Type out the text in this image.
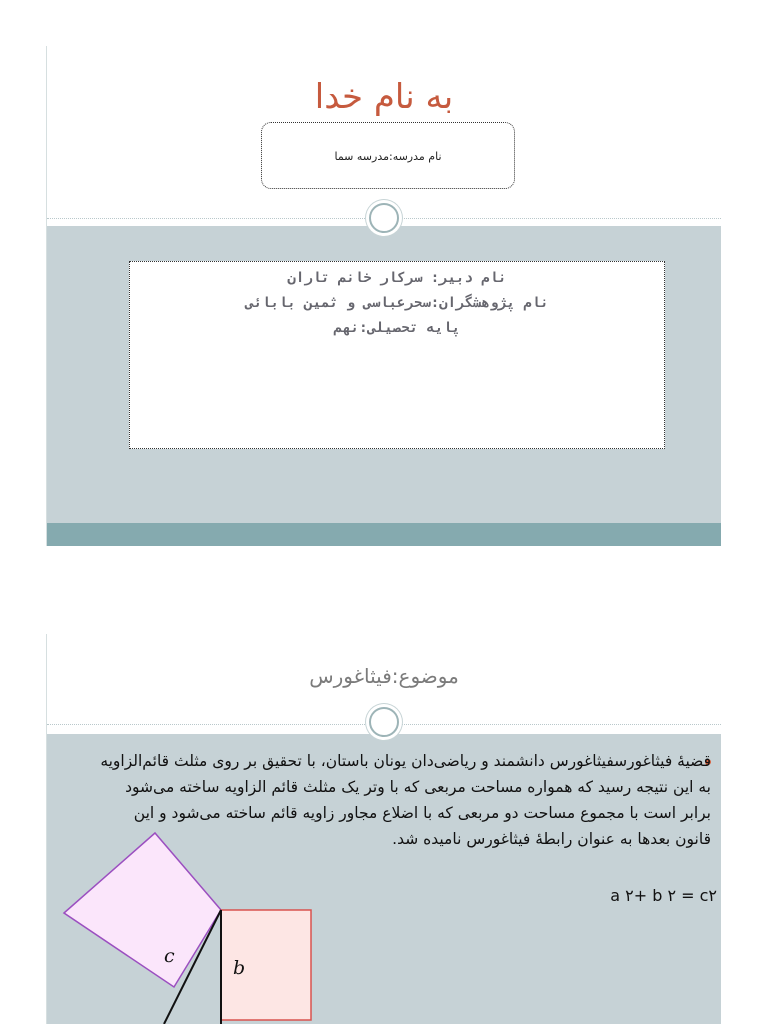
به نام خدا
نام مدرسه:مدرسه سما
نام دبیر: سرکار خانم تاران
نام پژوهشگران:سحرعباسی و ثمین بابائی
پایه تحصیلی:نهم
موضوع:فیثاغورس
c
b
قضیهٔ فیثاغورسفیثاغورس دانشمند و ریاضی‌دان یونان باستان، با تحقیق بر روی مثلث قائم‌الزاویه به این نتیجه رسید که همواره مساحت مربعی که با وتر یک مثلث قائم الزاویه ساخته می‌شود برابر است با مجموع مساحت دو مربعی که با اضلاع مجاور زاویه قائم ساخته می‌شود و این قانون بعدها به عنوان رابطهٔ فیثاغورس نامیده شد.
a ۲+ b ۲ = c۲
